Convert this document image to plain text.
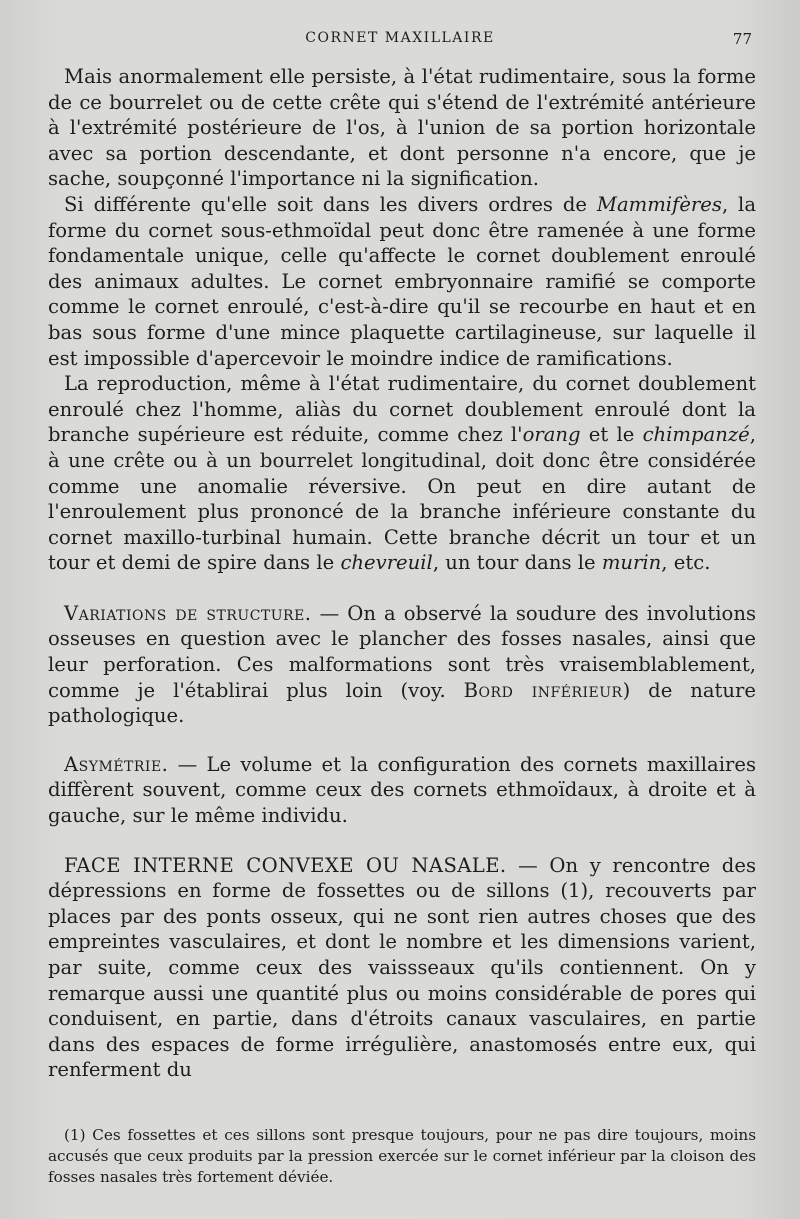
CORNET MAXILLAIRE	77

Mais anormalement elle persiste, à l'état rudimentaire, sous la forme de ce bourrelet ou de cette crête qui s'étend de l'extrémité antérieure à l'extrémité postérieure de l'os, à l'union de sa portion horizontale avec sa portion descendante, et dont personne n'a encore, que je sache, soupçonné l'importance ni la signification.

Si différente qu'elle soit dans les divers ordres de Mammifères, la forme du cornet sous-ethmoïdal peut donc être ramenée à une forme fondamentale unique, celle qu'affecte le cornet doublement enroulé des animaux adultes. Le cornet embryonnaire ramifié se comporte comme le cornet enroulé, c'est-à-dire qu'il se recourbe en haut et en bas sous forme d'une mince plaquette cartilagineuse, sur laquelle il est impossible d'apercevoir le moindre indice de ramifications.

La reproduction, même à l'état rudimentaire, du cornet doublement enroulé chez l'homme, aliàs du cornet doublement enroulé dont la branche supérieure est réduite, comme chez l'orang et le chimpanzé, à une crête ou à un bourrelet longitudinal, doit donc être considérée comme une anomalie réversive. On peut en dire autant de l'enroulement plus prononcé de la branche inférieure constante du cornet maxillo-turbinal humain. Cette branche décrit un tour et un tour et demi de spire dans le chevreuil, un tour dans le murin, etc.

Variations de structure. — On a observé la soudure des involutions osseuses en question avec le plancher des fosses nasales, ainsi que leur perforation. Ces malformations sont très vraisemblablement, comme je l'établirai plus loin (voy. Bord inférieur) de nature pathologique.

Asymétrie. — Le volume et la configuration des cornets maxillaires diffèrent souvent, comme ceux des cornets ethmoïdaux, à droite et à gauche, sur le même individu.

FACE INTERNE CONVEXE OU NASALE. — On y rencontre des dépressions en forme de fossettes ou de sillons (1), recouverts par places par des ponts osseux, qui ne sont rien autres choses que des empreintes vasculaires, et dont le nombre et les dimensions varient, par suite, comme ceux des vaissseaux qu'ils contiennent. On y remarque aussi une quantité plus ou moins considérable de pores qui conduisent, en partie, dans d'étroits canaux vasculaires, en partie dans des espaces de forme irrégulière, anastomosés entre eux, qui renferment du

(1) Ces fossettes et ces sillons sont presque toujours, pour ne pas dire toujours, moins accusés que ceux produits par la pression exercée sur le cornet inférieur par la cloison des fosses nasales très fortement déviée.
